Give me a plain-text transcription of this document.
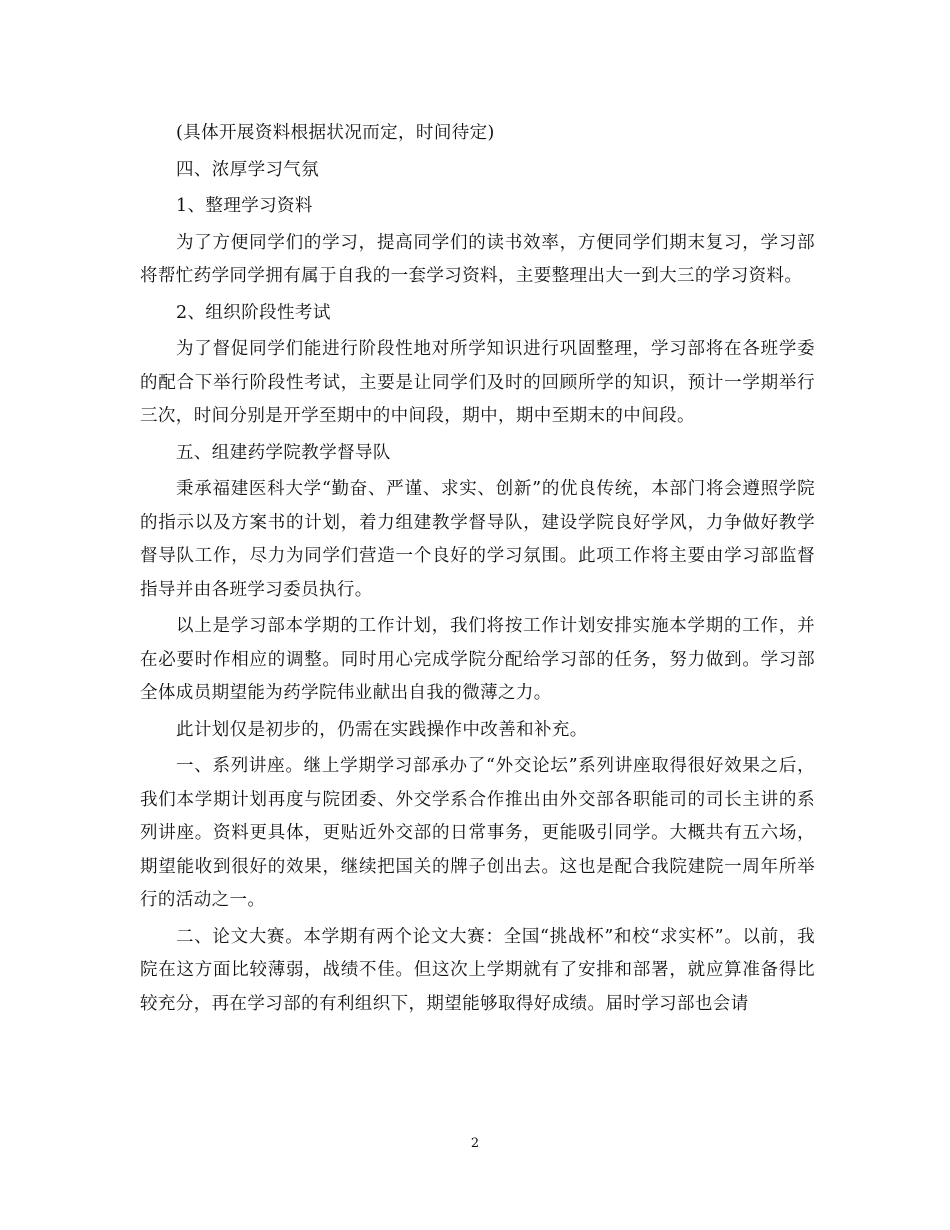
(具体开展资料根据状况而定，时间待定)

四、浓厚学习气氛

1、整理学习资料

为了方便同学们的学习，提高同学们的读书效率，方便同学们期末复习，学习部将帮忙药学同学拥有属于自我的一套学习资料，主要整理出大一到大三的学习资料。

2、组织阶段性考试

为了督促同学们能进行阶段性地对所学知识进行巩固整理，学习部将在各班学委的配合下举行阶段性考试，主要是让同学们及时的回顾所学的知识，预计一学期举行三次，时间分别是开学至期中的中间段，期中，期中至期末的中间段。

五、组建药学院教学督导队

秉承福建医科大学“勤奋、严谨、求实、创新”的优良传统，本部门将会遵照学院的指示以及方案书的计划，着力组建教学督导队，建设学院良好学风，力争做好教学督导队工作，尽力为同学们营造一个良好的学习氛围。此项工作将主要由学习部监督指导并由各班学习委员执行。

以上是学习部本学期的工作计划，我们将按工作计划安排实施本学期的工作，并在必要时作相应的调整。同时用心完成学院分配给学习部的任务，努力做到。学习部全体成员期望能为药学院伟业献出自我的微薄之力。

此计划仅是初步的，仍需在实践操作中改善和补充。

一、系列讲座。继上学期学习部承办了“外交论坛”系列讲座取得很好效果之后，我们本学期计划再度与院团委、外交学系合作推出由外交部各职能司的司长主讲的系列讲座。资料更具体，更贴近外交部的日常事务，更能吸引同学。大概共有五六场，期望能收到很好的效果，继续把国关的牌子创出去。这也是配合我院建院一周年所举行的活动之一。

二、论文大赛。本学期有两个论文大赛：全国“挑战杯”和校“求实杯”。以前，我院在这方面比较薄弱，战绩不佳。但这次上学期就有了安排和部署，就应算准备得比较充分，再在学习部的有利组织下，期望能够取得好成绩。届时学习部也会请

2
